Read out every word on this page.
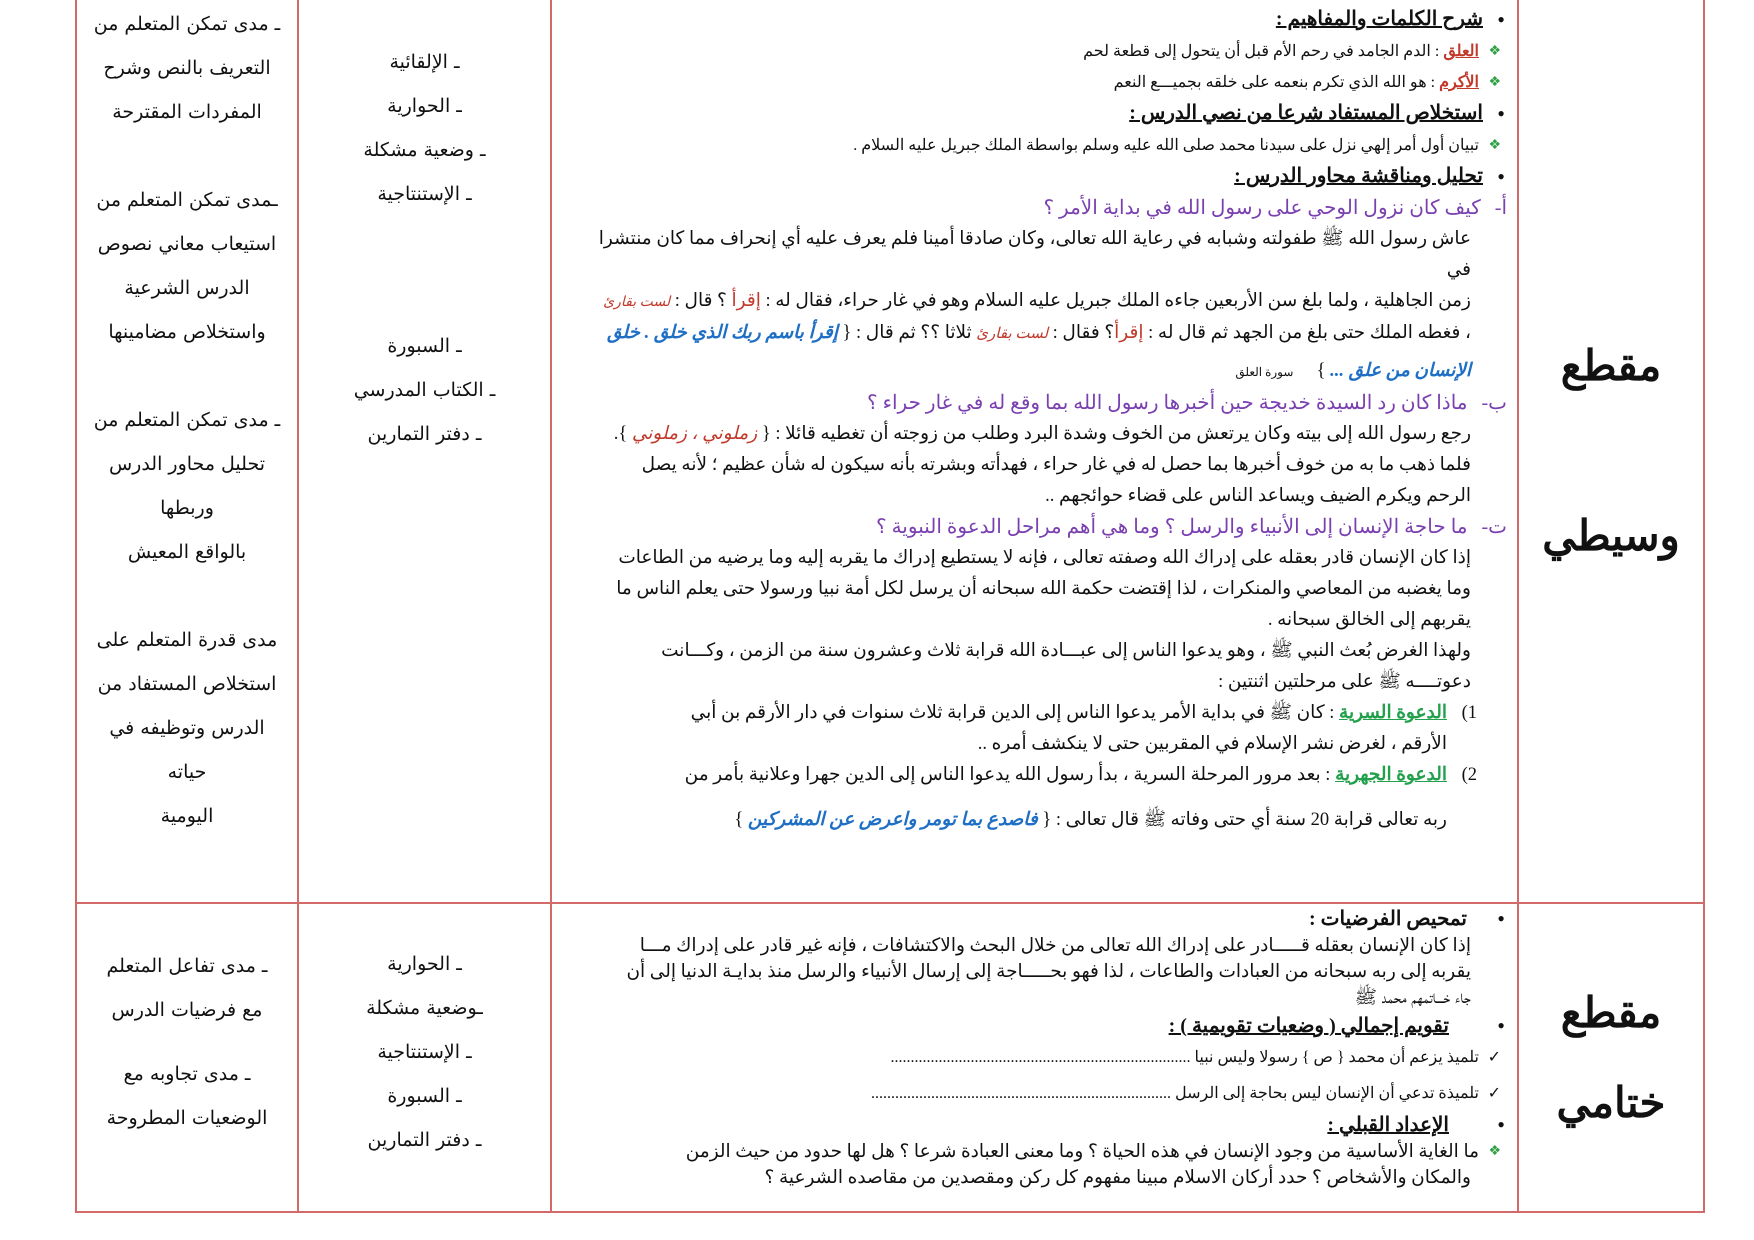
ـ مدى تمكن المتعلم من

التعريف بالنص وشرح

المفردات المقترحة

ـمدى تمكن المتعلم من

استيعاب معاني نصوص

الدرس الشرعية

واستخلاص مضامينها

ـ مدى تمكن المتعلم من

تحليل محاور الدرس وربطها

بالواقع المعيش

مدى قدرة المتعلم على

استخلاص المستفاد من

الدرس وتوظيفه في حياته

اليومية

ـ الإلقائية

ـ الحوارية

ـ وضعية مشكلة

ـ الإستنتاجية

ـ السبورة

ـ الكتاب المدرسي

ـ دفتر التمارين

• شرح الكلمات والمفاهيم :

❖
العلق : الدم الجامد في رحم الأم قبل أن يتحول إلى قطعة لحم

❖
الأكرم : هو الله الذي تكرم بنعمه على خلقه بجميـــع النعم

• استخلاص المستفاد شرعا من نصي الدرس :

❖
تبيان أول أمر إلهي نزل على سيدنا محمد صلى الله عليه وسلم بواسطة الملك جبريل عليه السلام .

• تحليل ومناقشة محاور الدرس :

أ-كيف كان نزول الوحي على رسول الله في بداية الأمر ؟

عاش رسول الله ﷺ طفولته وشبابه في رعاية الله تعالى، وكان صادقا أمينا فلم يعرف عليه أي إنحراف مما كان منتشرا في

زمن الجاهلية ، ولما بلغ سن الأربعين جاءه الملك جبريل عليه السلام وهو في غار حراء، فقال له : إقرأ ؟ قال : لست بقارئ

، فغطه الملك حتى بلغ من الجهد ثم قال له : إقرأ؟ فقال : لست بقارئ ثلاثا ؟؟ ثم قال : { إقرأ باسم ربك الذي خلق . خلق

الإنسان من علق ... }     سورة العلق

ب-ماذا كان رد السيدة خديجة حين أخبرها رسول الله بما وقع له في غار حراء ؟

رجع رسول الله إلى بيته وكان يرتعش من الخوف وشدة البرد وطلب من زوجته أن تغطيه قائلا : { زملوني ، زملوني }.

فلما ذهب ما به من خوف أخبرها بما حصل له في غار حراء ، فهدأته وبشرته بأنه سيكون له شأن عظيم ؛ لأنه يصل

الرحم ويكرم الضيف ويساعد الناس على قضاء حوائجهم ..

ت-ما حاجة الإنسان إلى الأنبياء والرسل ؟ وما هي أهم مراحل الدعوة النبوية ؟

إذا كان الإنسان قادر بعقله على إدراك الله وصفته تعالى ، فإنه لا يستطيع إدراك ما يقربه إليه وما يرضيه من الطاعات

وما يغضبه من المعاصي والمنكرات ، لذا إقتضت حكمة الله سبحانه أن يرسل لكل أمة نبيا ورسولا حتى يعلم الناس ما

يقربهم إلى الخالق سبحانه .

ولهذا الغرض بُعث النبي ﷺ ، وهو يدعوا الناس إلى عبـــادة الله قرابة ثلاث وعشرون سنة من الزمن ، وكـــانت

دعوتــــه ﷺ على مرحلتين اثنتين :

1)
الدعوة السرية : كان ﷺ في بداية الأمر يدعوا الناس إلى الدين قرابة ثلاث سنوات في دار الأرقم بن أبي

الأرقم ، لغرض نشر الإسلام في المقربين حتى لا ينكشف أمره ..

2)
الدعوة الجهرية : بعد مرور المرحلة السرية ، بدأ رسول الله يدعوا الناس إلى الدين جهرا وعلانية بأمر من

ربه تعالى قرابة 20 سنة أي حتى وفاته ﷺ قال تعالى : { فاصدع بما تومر واعرض عن المشركين }

مقطع
وسيطي

ـ مدى تفاعل المتعلم

مع فرضيات الدرس

ـ مدى تجاوبه مع

الوضعيات المطروحة

ـ الحوارية

ـوضعية مشكلة

ـ الإستنتاجية

ـ السبورة

ـ دفتر التمارين

• تمحيص الفرضيات :

إذا كان الإنسان بعقله قـــــادر على إدراك الله تعالى من خلال البحث والاكتشافات ، فإنه غير قادر على إدراك مـــا

يقربه إلى ربه سبحانه من العبادات والطاعات ، لذا فهو بحـــــاجة إلى إرسال الأنبياء والرسل منذ بدايـة الدنيا إلى أن

جاء خـــاتمهم محمد ﷺ

• تقويم إجمالي ( وضعيات تقويمية ) :

✓ تلميذ يزعم أن محمد { ص } رسولا وليس نبيا ...........................................................................

✓ تلميذة تدعي أن الإنسان ليس بحاجة إلى الرسل ...........................................................................

• الإعداد القبلي :

❖
ما الغاية الأساسية من وجود الإنسان في هذه الحياة ؟ وما معنى العبادة شرعا ؟ هل لها حدود من حيث الزمن

والمكان والأشخاص ؟ حدد أركان الاسلام مبينا مفهوم كل ركن ومقصدين من مقاصده الشرعية ؟

مقطع
ختامي
